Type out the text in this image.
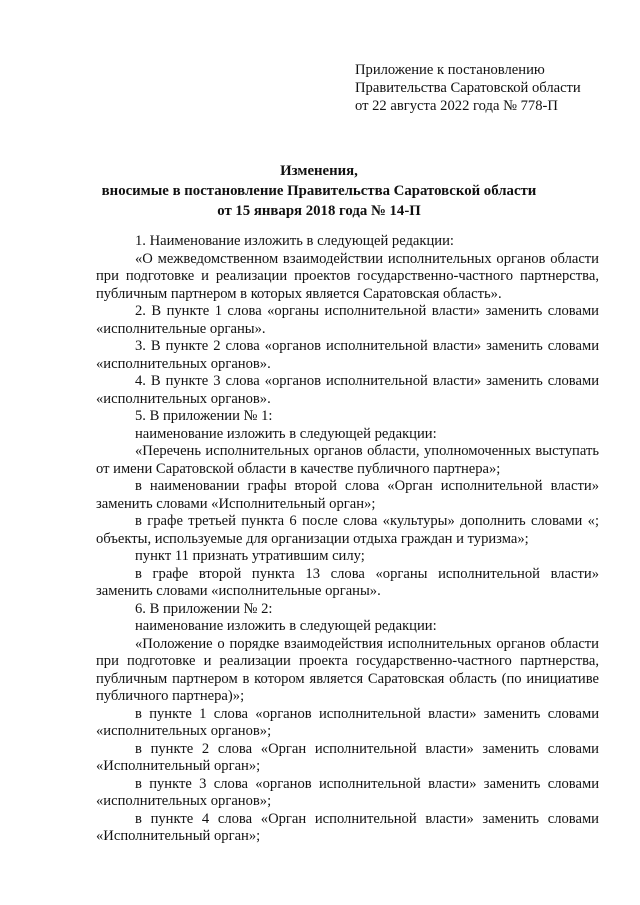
Приложение к постановлению
Правительства Саратовской области
от 22 августа 2022 года № 778-П
Изменения,
вносимые в постановление Правительства Саратовской области
от 15 января 2018 года № 14-П

1. Наименование изложить в следующей редакции:

«О межведомственном взаимодействии исполнительных органов области при подготовке и реализации проектов государственно-частного партнерства, публичным партнером в которых является Саратовская область».

2. В пункте 1 слова «органы исполнительной власти» заменить словами «исполнительные органы».

3. В пункте 2 слова «органов исполнительной власти» заменить словами «исполнительных органов».

4. В пункте 3 слова «органов исполнительной власти» заменить словами «исполнительных органов».

5. В приложении № 1:

наименование изложить в следующей редакции:

«Перечень исполнительных органов области, уполномоченных выступать от имени Саратовской области в качестве публичного партнера»;

в наименовании графы второй слова «Орган исполнительной власти» заменить словами «Исполнительный орган»;

в графе третьей пункта 6 после слова «культуры» дополнить словами «; объекты, используемые для организации отдыха граждан и туризма»;

пункт 11 признать утратившим силу;

в графе второй пункта 13 слова «органы исполнительной власти» заменить словами «исполнительные органы».

6. В приложении № 2:

наименование изложить в следующей редакции:

«Положение о порядке взаимодействия исполнительных органов области при подготовке и реализации проекта государственно-частного партнерства, публичным партнером в котором является Саратовская область (по инициативе публичного партнера)»;

в пункте 1 слова «органов исполнительной власти» заменить словами «исполнительных органов»;

в пункте 2 слова «Орган исполнительной власти» заменить словами «Исполнительный орган»;

в пункте 3 слова «органов исполнительной власти» заменить словами «исполнительных органов»;

в пункте 4 слова «Орган исполнительной власти» заменить словами «Исполнительный орган»;
